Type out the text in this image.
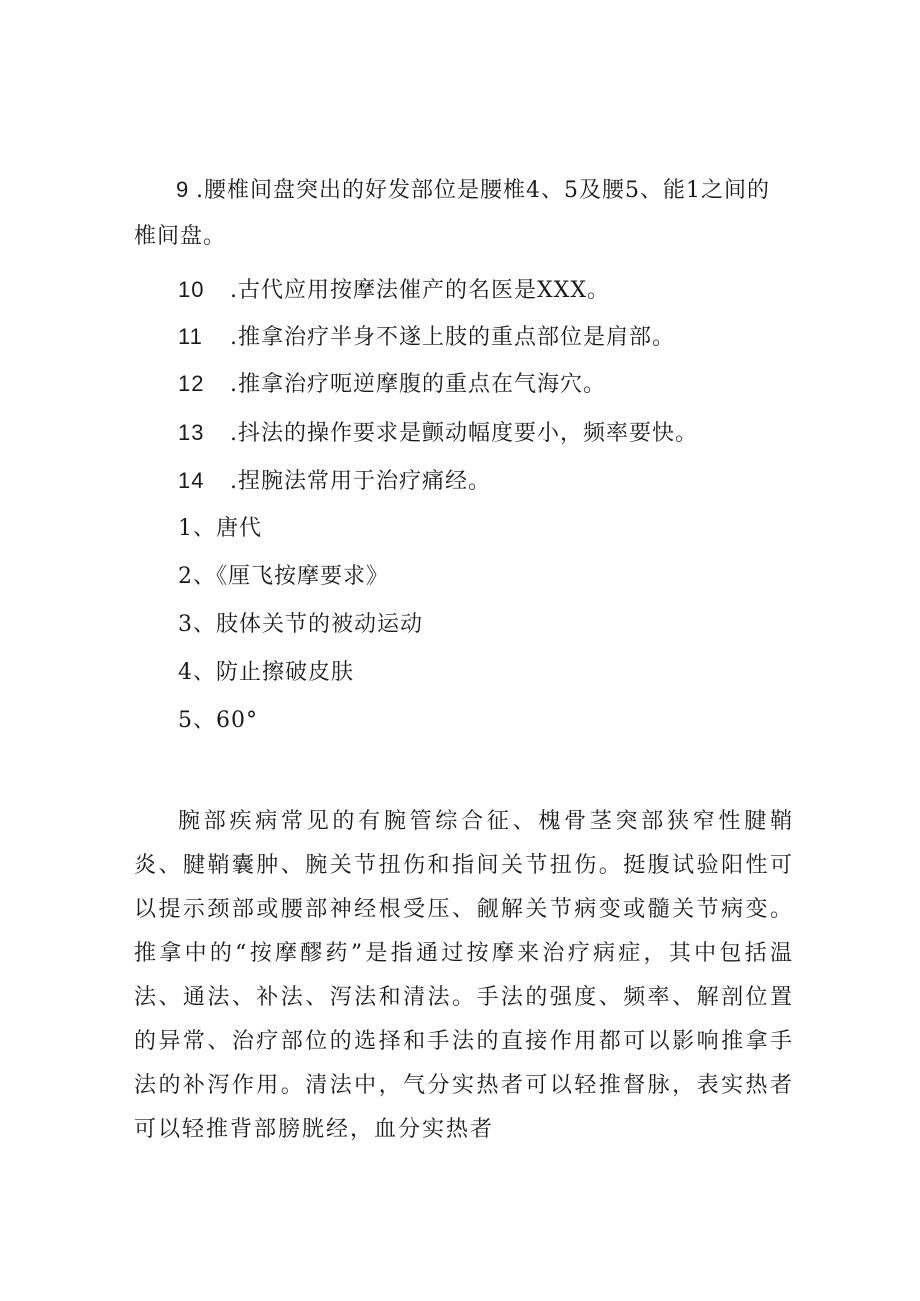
9 .腰椎间盘突出的好发部位是腰椎4、5及腰5、能1之间的
椎间盘。
10 .古代应用按摩法催产的名医是XXX。
11 .推拿治疗半身不遂上肢的重点部位是肩部。
12 .推拿治疗呃逆摩腹的重点在气海穴。
13 .抖法的操作要求是颤动幅度要小，频率要快。
14 .捏腕法常用于治疗痛经。
1、唐代
2、《厘飞按摩要求》
3、肢体关节的被动运动
4、防止擦破皮肤
5、60°

腕部疾病常见的有腕管综合征、槐骨茎突部狭窄性腱鞘炎、腱鞘囊肿、腕关节扭伤和指间关节扭伤。挺腹试验阳性可以提示颈部或腰部神经根受压、觎解关节病变或髓关节病变。推拿中的“按摩醪药”是指通过按摩来治疗病症，其中包括温法、通法、补法、泻法和清法。手法的强度、频率、解剖位置的异常、治疗部位的选择和手法的直接作用都可以影响推拿手法的补泻作用。清法中，气分实热者可以轻推督脉，表实热者可以轻推背部膀胱经，血分实热者
